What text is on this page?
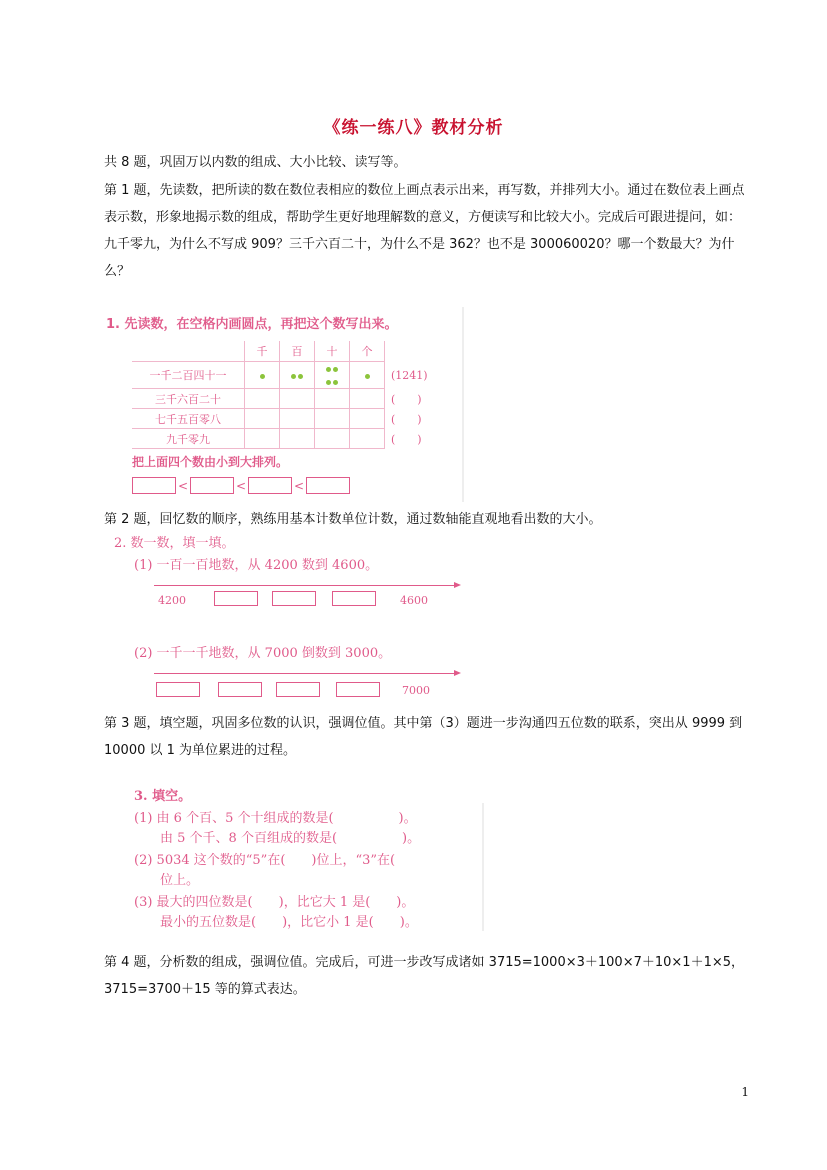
《练一练八》教材分析
共 8 题，巩固万以内数的组成、大小比较、读写等。
第 1 题，先读数，把所读的数在数位表相应的数位上画点表示出来，再写数，并排列大小。通过在数位表上画点表示数，形象地揭示数的组成，帮助学生更好地理解数的意义，方便读写和比较大小。完成后可跟进提问，如：九千零九，为什么不写成 909？三千六百二十，为什么不是 362？也不是 300060020？哪一个数最大？为什么？
1. 先读数，在空格内画圆点，再把这个数写出来。
	千	百	十	个	
一千二百四十一					(1241)
三千六百二十					(　　)
七千五百零八					(　　)
九千零九					(　　)
把上面四个数由小到大排列。
<	<	<
第 2 题，回忆数的顺序，熟练用基本计数单位计数，通过数轴能直观地看出数的大小。
2. 数一数，填一填。
(1) 一百一百地数，从 4200 数到 4600。
4200	4600
(2) 一千一千地数，从 7000 倒数到 3000。
7000
第 3 题，填空题，巩固多位数的认识，强调位值。其中第（3）题进一步沟通四五位数的联系，突出从 9999 到 10000 以 1 为单位累进的过程。
3. 填空。
(1) 由 6 个百、5 个十组成的数是(　　　　　)。
由 5 个千、8 个百组成的数是(　　　　　)。
(2) 5034 这个数的“5”在(　　)位上，“3”在(　
位上。
(3) 最大的四位数是(　　)，比它大 1 是(　　)。
最小的五位数是(　　)，比它小 1 是(　　)。
第 4 题，分析数的组成，强调位值。完成后，可进一步改写成诸如 3715=1000×3＋100×7＋10×1＋1×5，3715=3700＋15 等的算式表达。
1
